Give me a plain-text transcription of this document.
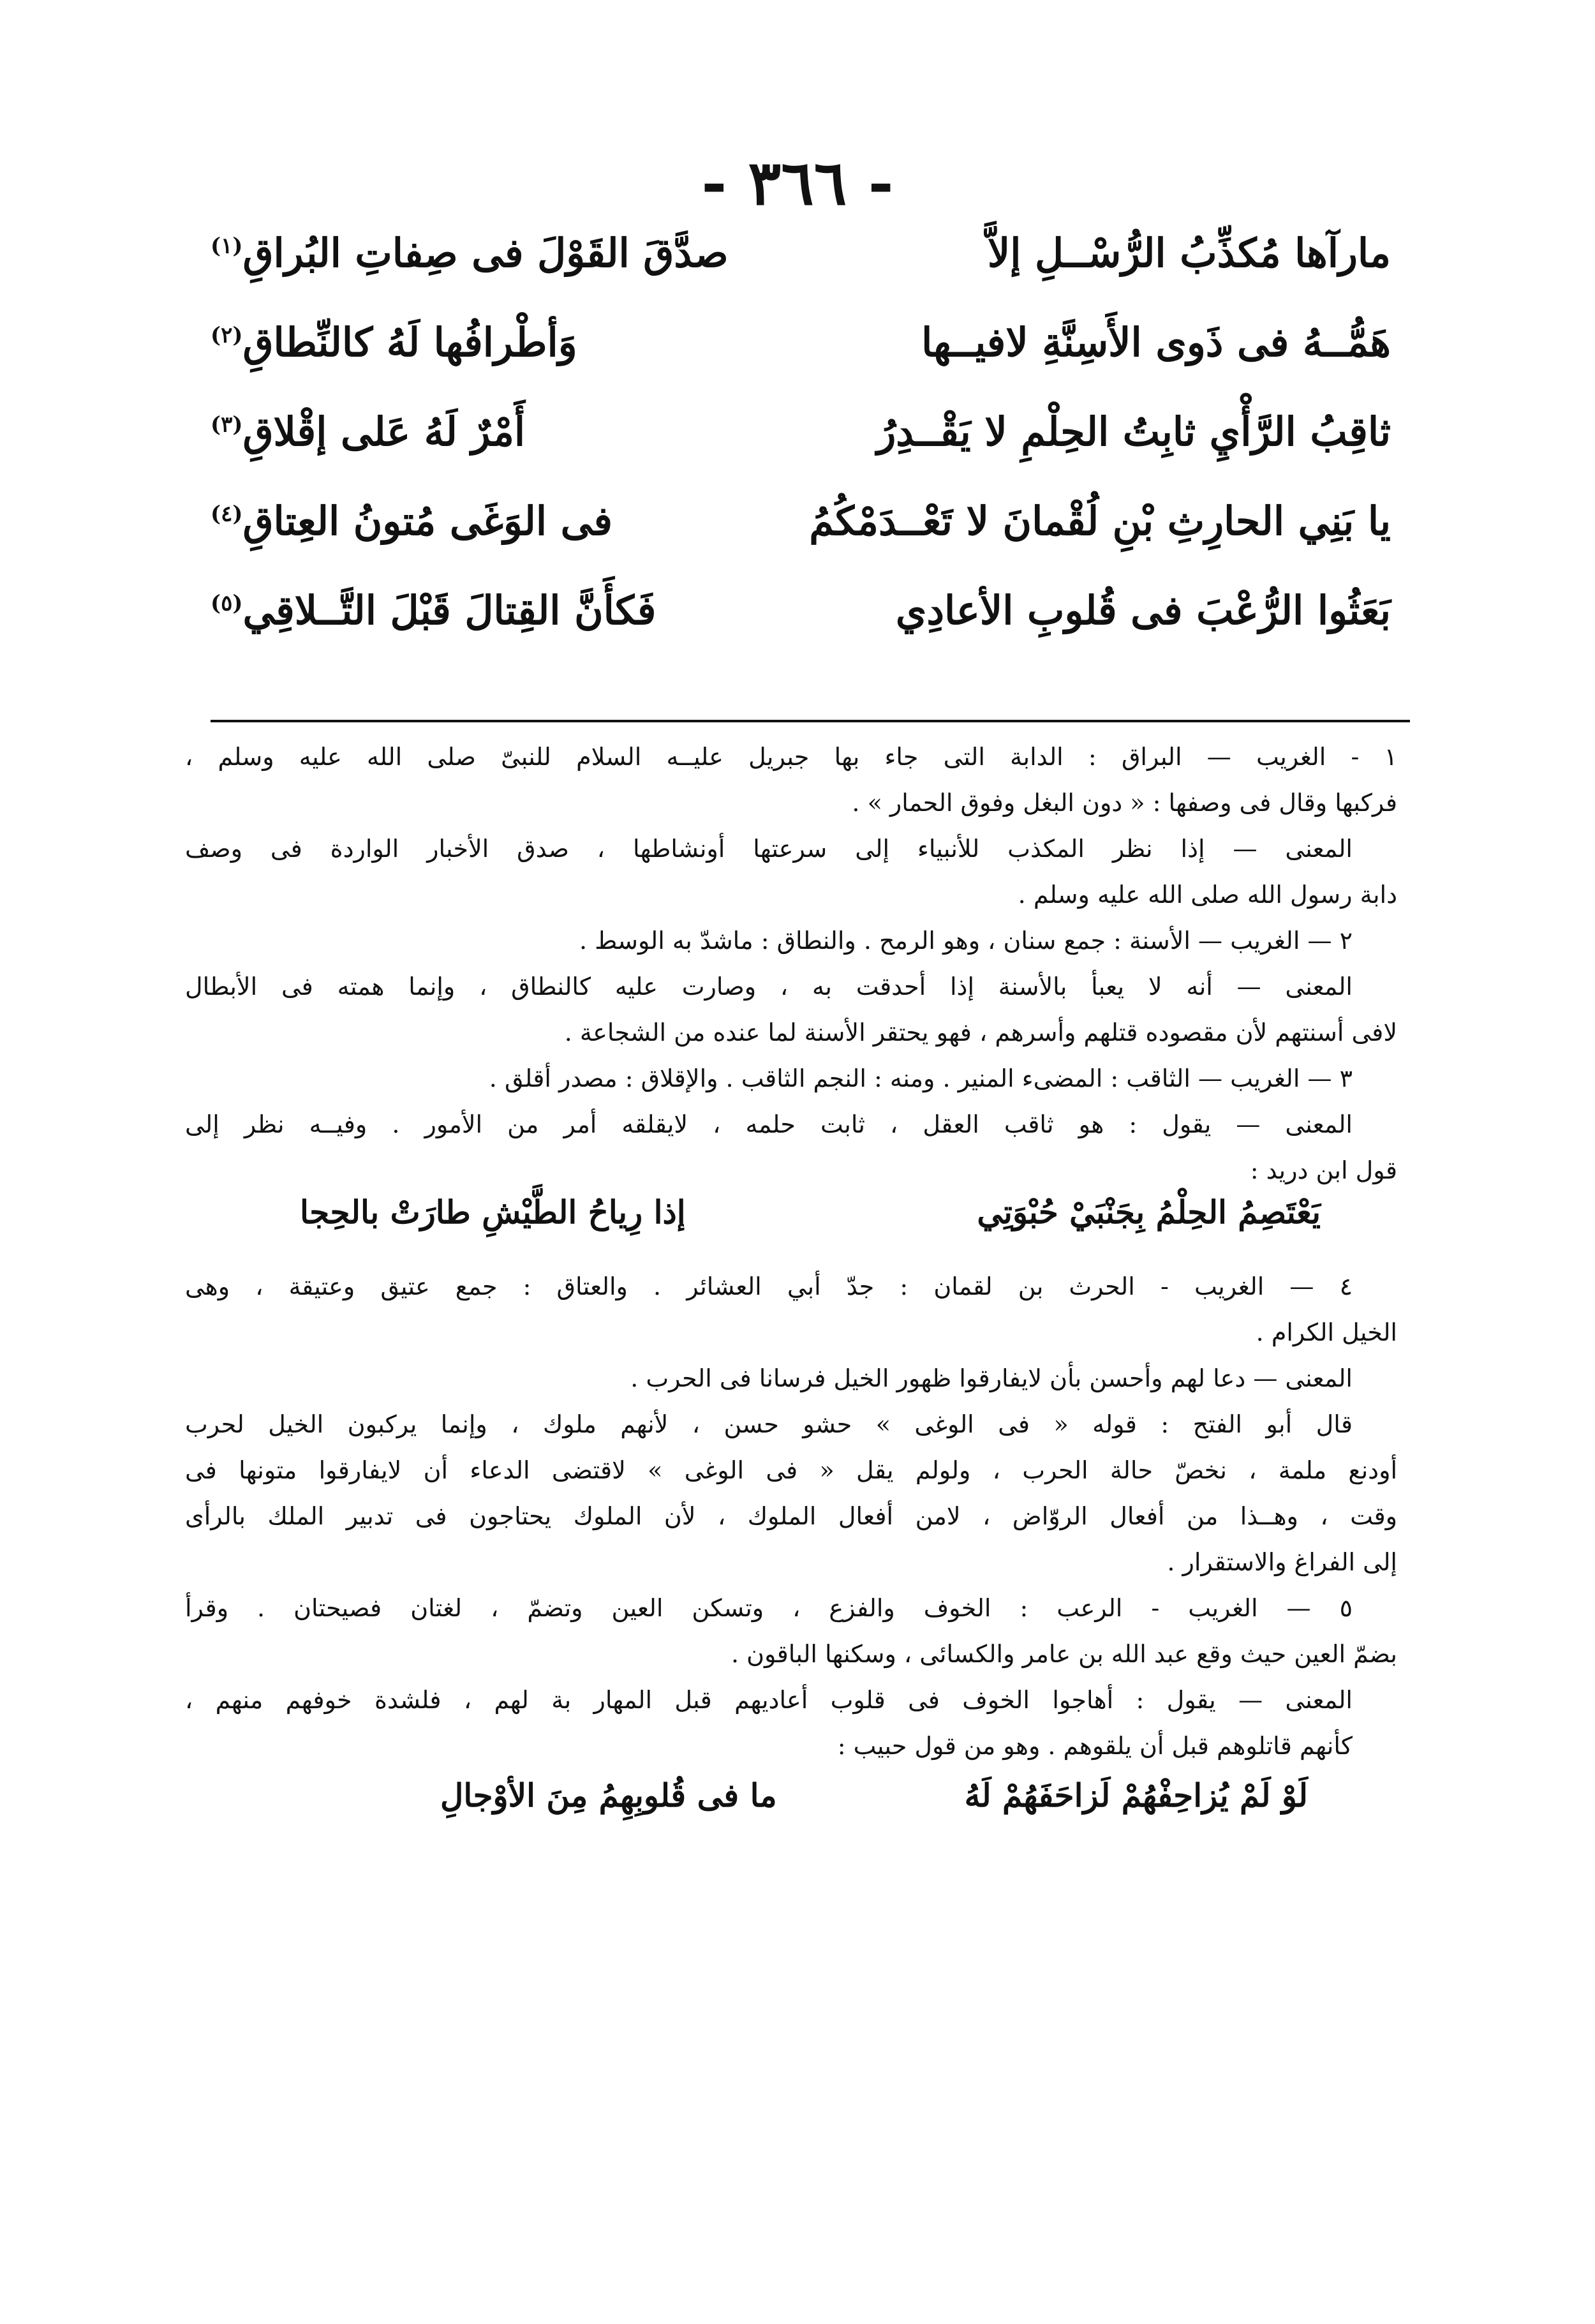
- ٣٦٦ -
مارآها مُكذِّبُ الرُّسْــلِ إلاَّ
صدَّقَ القَوْلَ فى صِفاتِ البُراقِ$^{(١)}$
هَمُّــهُ فى ذَوى الأَسِنَّةِ لافيــها
وَأطْرافُها لَهُ كالنِّطاقِ$^{(٢)}$
ثاقِبُ الرَّأْيِ ثابِتُ الحِلْمِ لا يَقْــدِرُ
أَمْرٌ لَهُ عَلى إقْلاقِ$^{(٣)}$
يا بَنِي الحارِثِ بْنِ لُقْمانَ لا تَعْــدَمْكُمُ
فى الوَغَى مُتونُ العِتاقِ$^{(٤)}$
بَعَثُوا الرُّعْبَ فى قُلوبِ الأعادِي
فَكأَنَّ القِتالَ قَبْلَ التَّــلاقِي$^{(٥)}$
١ - الغريب — البراق : الدابة التى جاء بها جبريل عليــه السلام للنبىّ صلى الله عليه وسلم ،
فركبها وقال فى وصفها : « دون البغل وفوق الحمار » .
المعنى — إذا نظر المكذب للأنبياء إلى سرعتها أونشاطها ، صدق الأخبار الواردة فى وصف
دابة رسول الله صلى الله عليه وسلم .
٢ — الغريب — الأسنة : جمع سنان ، وهو الرمح . والنطاق : ماشدّ به الوسط .
المعنى — أنه لا يعبأ بالأسنة إذا أحدقت به ، وصارت عليه كالنطاق ، وإنما همته فى الأبطال
لافى أسنتهم لأن مقصوده قتلهم وأسرهم ، فهو يحتقر الأسنة لما عنده من الشجاعة .
٣ — الغريب — الثاقب : المضىء المنير . ومنه : النجم الثاقب . والإقلاق : مصدر أقلق .
المعنى — يقول : هو ثاقب العقل ، ثابت حلمه ، لايقلقه أمر من الأمور . وفيــه نظر إلى
قول ابن دريد :
يَعْتَصِمُ الحِلْمُ بِجَنْبَيْ حُبْوَتِي
إذا رِياحُ الطَّيْشِ طارَتْ بالحِجا
٤ — الغريب - الحرث بن لقمان : جدّ أبي العشائر . والعتاق : جمع عتيق وعتيقة ، وهى
الخيل الكرام .
المعنى — دعا لهم وأحسن بأن لايفارقوا ظهور الخيل فرسانا فى الحرب .
قال أبو الفتح : قوله « فى الوغى » حشو حسن ، لأنهم ملوك ، وإنما يركبون الخيل لحرب
أودنع ملمة ، نخصّ حالة الحرب ، ولولم يقل « فى الوغى » لاقتضى الدعاء أن لايفارقوا متونها فى
وقت ، وهــذا من أفعال الروّاض ، لامن أفعال الملوك ، لأن الملوك يحتاجون فى تدبير الملك بالرأى
إلى الفراغ والاستقرار .
٥ — الغريب - الرعب : الخوف والفزع ، وتسكن العين وتضمّ ، لغتان فصيحتان . وقرأ
بضمّ العين حيث وقع عبد الله بن عامر والكسائى ، وسكنها الباقون .
المعنى — يقول : أهاجوا الخوف فى قلوب أعاديهم قبل المهار بة لهم ، فلشدة خوفهم منهم ،
كأنهم قاتلوهم قبل أن يلقوهم . وهو من قول حبيب :
لَوْ لَمْ يُزاحِفْهُمْ لَزاحَفَهُمْ لَهُ
ما فى قُلوبِهِمُ مِنَ الأوْجالِ
